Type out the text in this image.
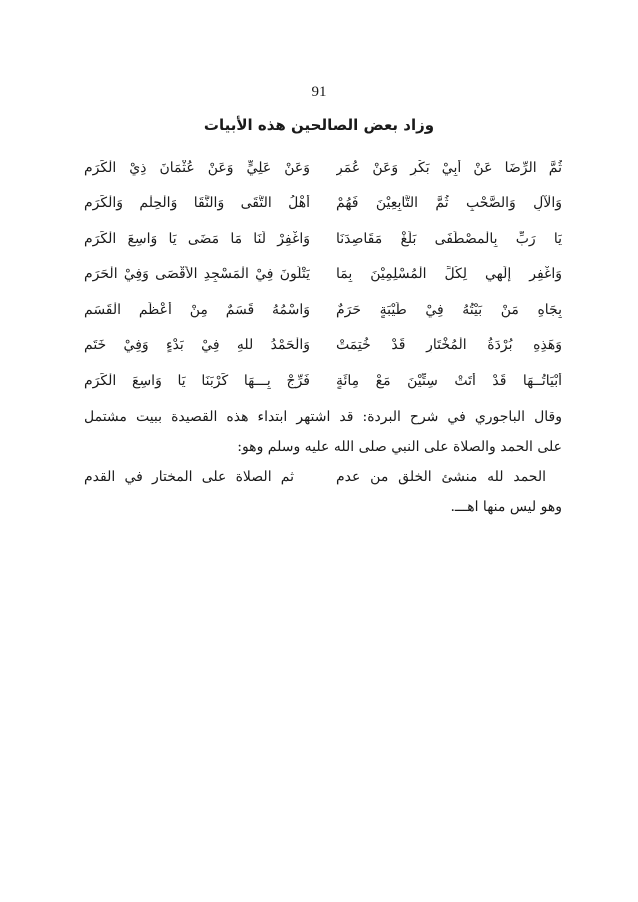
91
وزاد بعض الصالحين هذه الأبيات
ثُمَّ الرِّضَا عَنْ أَبِيْ بَكْرٍ وَعَنْ عُمَرٍ
وَعَنْ عَلِيٍّ وَعَنْ عُثْمَانَ ذِيْ الْكَرَمِ
وَالْآلِ وَالصَّحْبِ ثُمَّ التَّابِعِيْنَ فَهُمْ
أَهْلُ التُّقَى وَالنَّقَا وَالْحِلْمِ وَالْكَرَمِ
يَا رَبِّ بِالْمصْطَفَى بَلِّغْ مَقَاصِدَنَا
وَاغْفِرْ لَنَا مَا مَضَى يَا وَاسِعَ الْكَرَمِ
وَاغْفِرِ إلَهِي لِكُلِّ الْمُسْلِمِيْنَ بِمَا
يَتْلُونَ فِيْ الْمَسْجِدِ الأَقْصَى وَفِيْ الْحَرَمِ
بِجَاهِ مَنْ بَيْتُهُ فِيْ طَيْبَةٍ حَرَمٌ
وَاسْمُهُ قَسَمٌ مِنْ أَعْظَمِ الْقَسَمِ
وَهَذِهِ بُرْدَةُ الْمُخْتَارِ قَدْ خُتِمَتْ
وَالْحَمْدُ للهِ فِيْ بَدْءٍ وَفِيْ خَتَمِ
أَبْيَاتُــهَا قَدْ أَتَتْ سِتِّيْنَ مَعْ مِائَةٍ
فَرِّجْ بِـــهَا كَرْبَنَا يَا وَاسِعَ الْكَرَمِ
وقال الباجوري في شرح البردة: قد اشتهر ابتداء هذه القصيدة ببيت مشتمل
على الحمد والصلاة على النبي صلى الله عليه وسلم وهو:
الحمد لله منشئ الخلق من عدم
ثم الصلاة على المختار في القدم
وهو ليس منها اهـــ.
